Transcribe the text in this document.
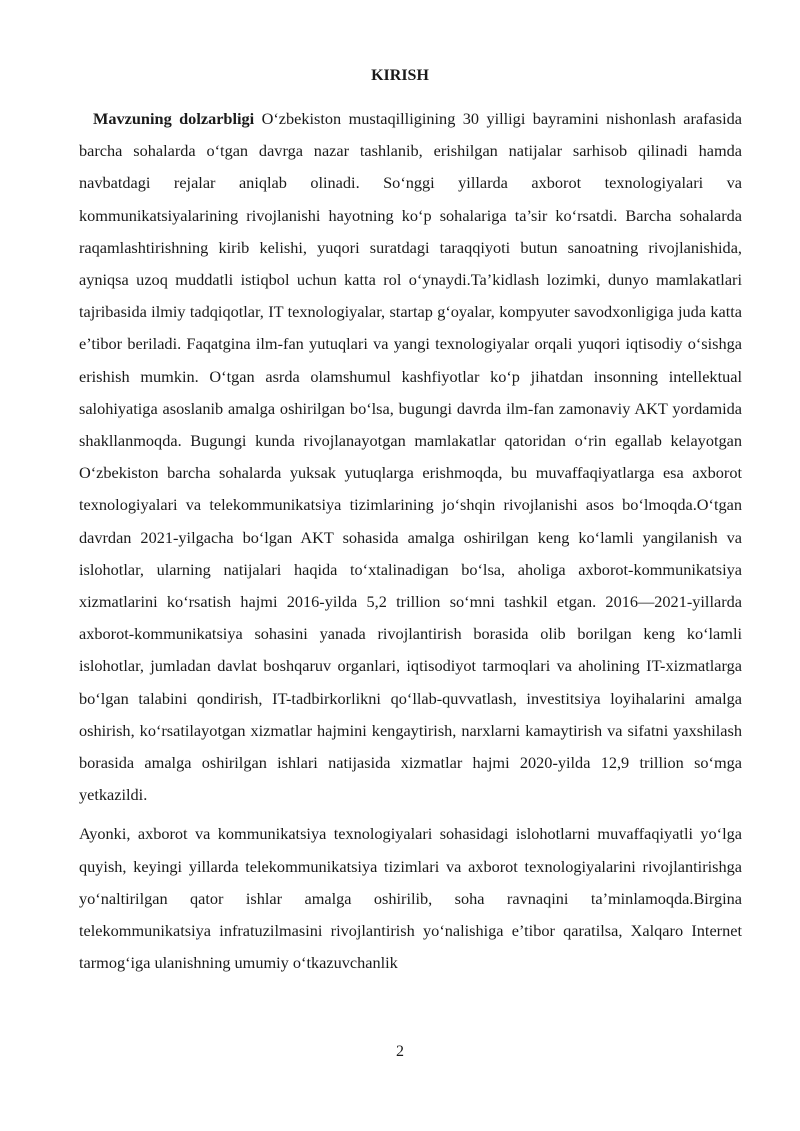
KIRISH

Mavzuning dolzarbligi O‘zbekiston mustaqilligining 30 yilligi bayramini nishonlash arafasida barcha sohalarda o‘tgan davrga nazar tashlanib, erishilgan natijalar sarhisob qilinadi hamda navbatdagi rejalar aniqlab olinadi. So‘nggi yillarda axborot texnologiyalari va kommunikatsiyalarining rivojlanishi hayotning ko‘p sohalariga ta’sir ko‘rsatdi. Barcha sohalarda raqamlashtirishning kirib kelishi, yuqori suratdagi taraqqiyoti butun sanoatning rivojlanishida, ayniqsa uzoq muddatli istiqbol uchun katta rol o‘ynaydi.Ta’kidlash lozimki, dunyo mamlakatlari tajribasida ilmiy tadqiqotlar, IT texnologiyalar, startap g‘oyalar, kompyuter savodxonligiga juda katta e’tibor beriladi. Faqatgina ilm-fan yutuqlari va yangi texnologiyalar orqali yuqori iqtisodiy o‘sishga erishish mumkin. O‘tgan asrda olamshumul kashfiyotlar ko‘p jihatdan insonning intellektual salohiyatiga asoslanib amalga oshirilgan bo‘lsa, bugungi davrda ilm-fan zamonaviy AKT yordamida shakllanmoqda. Bugungi kunda rivojlanayotgan mamlakatlar qatoridan o‘rin egallab kelayotgan O‘zbekiston barcha sohalarda yuksak yutuqlarga erishmoqda, bu muvaffaqiyatlarga esa axborot texnologiyalari va telekommunikatsiya tizimlarining jo‘shqin rivojlanishi asos bo‘lmoqda.O‘tgan davrdan 2021-yilgacha bo‘lgan AKT sohasida amalga oshirilgan keng ko‘lamli yangilanish va islohotlar, ularning natijalari haqida to‘xtalinadigan bo‘lsa, aholiga axborot-kommunikatsiya xizmatlarini ko‘rsatish hajmi 2016-yilda 5,2 trillion so‘mni tashkil etgan. 2016—2021-yillarda axborot-kommunikatsiya sohasini yanada rivojlantirish borasida olib borilgan keng ko‘lamli islohotlar, jumladan davlat boshqaruv organlari, iqtisodiyot tarmoqlari va aholining IT-xizmatlarga bo‘lgan talabini qondirish, IT-tadbirkorlikni qo‘llab-quvvatlash, investitsiya loyihalarini amalga oshirish, ko‘rsatilayotgan xizmatlar hajmini kengaytirish, narxlarni kamaytirish va sifatni yaxshilash borasida amalga oshirilgan ishlari natijasida xizmatlar hajmi 2020-yilda 12,9 trillion so‘mga yetkazildi.

Ayonki, axborot va kommunikatsiya texnologiyalari sohasidagi islohotlarni muvaffaqiyatli yo‘lga quyish, keyingi yillarda telekommunikatsiya tizimlari va axborot texnologiyalarini rivojlantirishga yo‘naltirilgan qator ishlar amalga oshirilib, soha ravnaqini ta’minlamoqda.Birgina telekommunikatsiya infratuzilmasini rivojlantirish yo‘nalishiga e’tibor qaratilsa, Xalqaro Internet tarmog‘iga ulanishning umumiy o‘tkazuvchanlik

2
